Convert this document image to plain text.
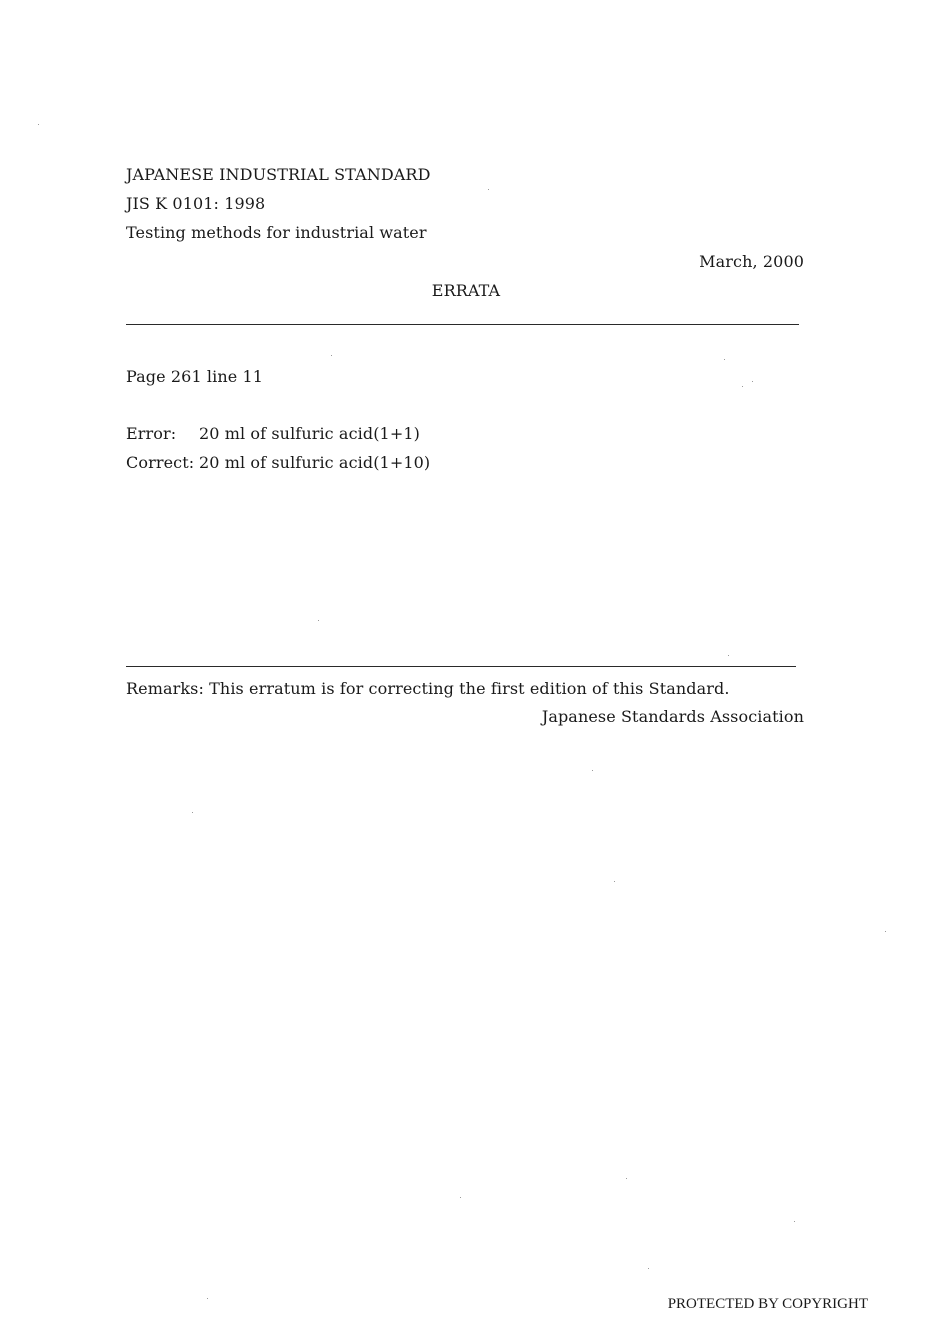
JAPANESE INDUSTRIAL STANDARD
JIS K 0101: 1998
Testing methods for industrial water
March, 2000
ERRATA
Page 261 line 11
Error: 20 ml of sulfuric acid(1+1)
Correct: 20 ml of sulfuric acid(1+10)
Remarks: This erratum is for correcting the first edition of this Standard.
Japanese Standards Association
PROTECTED BY COPYRIGHT
